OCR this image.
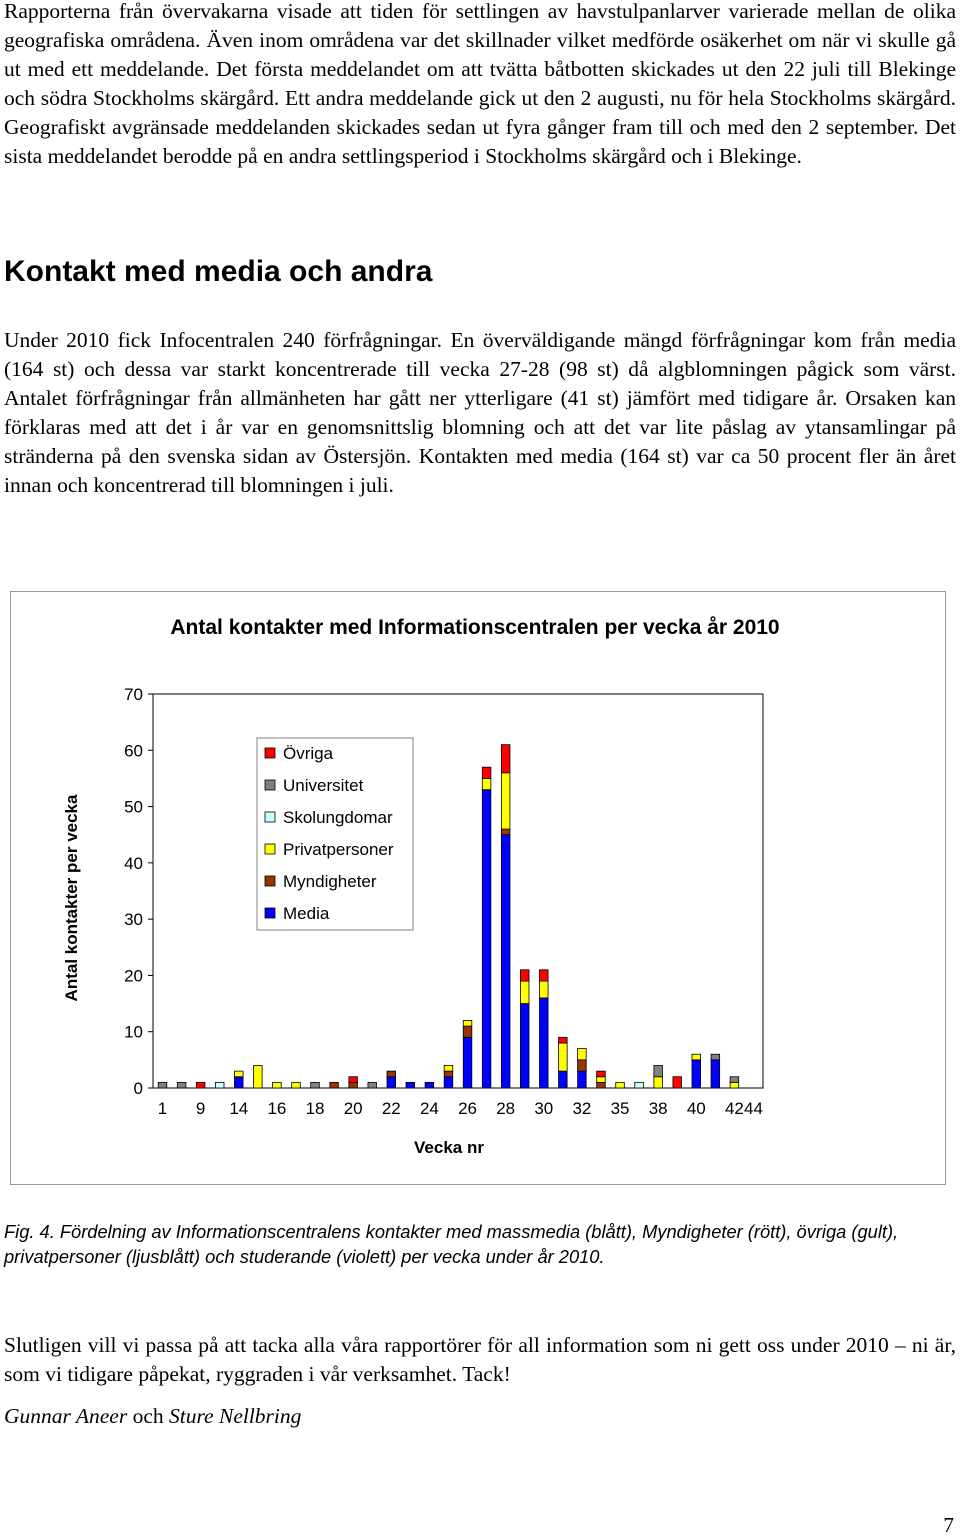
Rapporterna från övervakarna visade att tiden för settlingen av havstulpanlarver varierade mellan de olika geografiska områdena. Även inom områdena var det skillnader vilket medförde osäkerhet om när vi skulle gå ut med ett meddelande. Det första meddelandet om att tvätta båtbotten skickades ut den 22 juli till Blekinge och södra Stockholms skärgård. Ett andra meddelande gick ut den 2 augusti, nu för hela Stockholms skärgård. Geografiskt avgränsade meddelanden skickades sedan ut fyra gånger fram till och med den 2 september. Det sista meddelandet berodde på en andra settlingsperiod i Stockholms skärgård och i Blekinge.
Kontakt med media och andra
Under 2010 fick Infocentralen 240 förfrågningar. En överväldigande mängd förfrågningar kom från media (164 st) och dessa var starkt koncentrerade till vecka 27-28 (98 st) då algblomningen pågick som värst. Antalet förfrågningar från allmänheten har gått ner ytterligare (41 st) jämfört med tidigare år. Orsaken kan förklaras med att det i år var en genomsnittslig blomning och att det var lite påslag av ytansamlingar på stränderna på den svenska sidan av Östersjön. Kontakten med media (164 st) var ca 50 procent fler än året innan och koncentrerad till blomningen i juli.
Antal kontakter med Informationscentralen per vecka år 2010
0
10
20
30
40
50
60
70
1 9 14 16 18 20 22 24 26 28 30 32 35 38 40 42 44
Övriga
Universitet
Skolungdomar
Privatpersoner
Myndigheter
Media
Antal kontakter per vecka
Vecka nr
Fig. 4. Fördelning av Informationscentralens kontakter med massmedia (blått), Myndigheter (rött), övriga (gult), privatpersoner (ljusblått) och studerande (violett) per vecka under år 2010.
Slutligen vill vi passa på att tacka alla våra rapportörer för all information som ni gett oss under 2010 – ni är, som vi tidigare påpekat, ryggraden i vår verksamhet. Tack!
Gunnar Aneer och Sture Nellbring
7
